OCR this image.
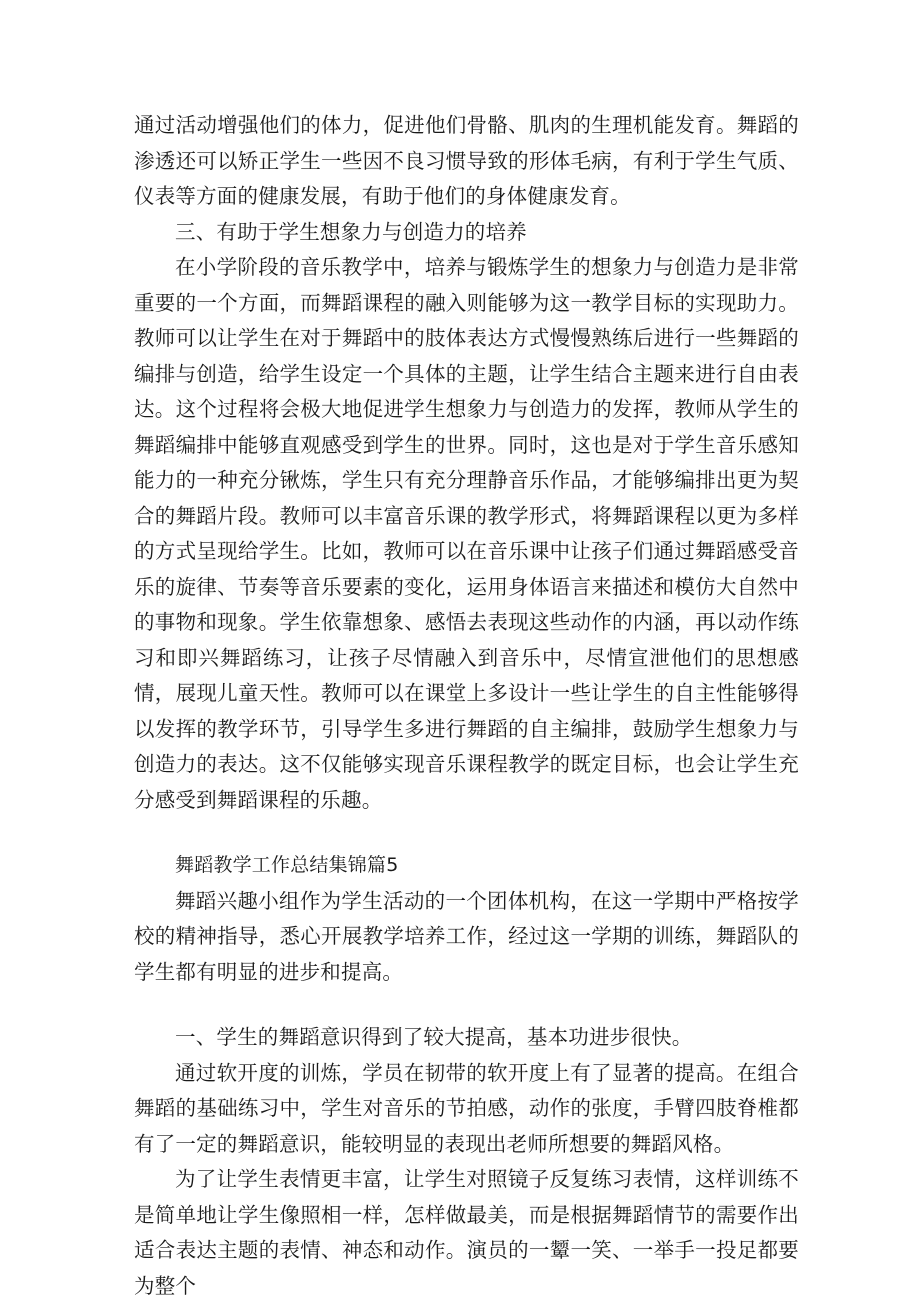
通过活动增强他们的体力，促进他们骨骼、肌肉的生理机能发育。舞蹈的渗透还可以矫正学生一些因不良习惯导致的形体毛病，有利于学生气质、仪表等方面的健康发展，有助于他们的身体健康发育。

三、有助于学生想象力与创造力的培养

在小学阶段的音乐教学中，培养与锻炼学生的想象力与创造力是非常重要的一个方面，而舞蹈课程的融入则能够为这一教学目标的实现助力。教师可以让学生在对于舞蹈中的肢体表达方式慢慢熟练后进行一些舞蹈的编排与创造，给学生设定一个具体的主题，让学生结合主题来进行自由表达。这个过程将会极大地促进学生想象力与创造力的发挥，教师从学生的舞蹈编排中能够直观感受到学生的世界。同时，这也是对于学生音乐感知能力的一种充分锹炼，学生只有充分理静音乐作品，才能够编排出更为契合的舞蹈片段。教师可以丰富音乐课的教学形式，将舞蹈课程以更为多样的方式呈现给学生。比如，教师可以在音乐课中让孩子们通过舞蹈感受音乐的旋律、节奏等音乐要素的变化，运用身体语言来描述和模仿大自然中的事物和现象。学生依靠想象、感悟去表现这些动作的内涵，再以动作练习和即兴舞蹈练习，让孩子尽情融入到音乐中，尽情宣泄他们的思想感情，展现儿童天性。教师可以在课堂上多设计一些让学生的自主性能够得以发挥的教学环节，引导学生多进行舞蹈的自主编排，鼓励学生想象力与创造力的表达。这不仅能够实现音乐课程教学的既定目标，也会让学生充分感受到舞蹈课程的乐趣。

舞蹈教学工作总结集锦篇5

舞蹈兴趣小组作为学生活动的一个团体机构，在这一学期中严格按学校的精神指导，悉心开展教学培养工作，经过这一学期的训练，舞蹈队的学生都有明显的进步和提高。

一、学生的舞蹈意识得到了较大提高，基本功进步很快。

通过软开度的训炼，学员在韧带的软开度上有了显著的提高。在组合舞蹈的基础练习中，学生对音乐的节拍感，动作的张度，手臂四肢脊椎都有了一定的舞蹈意识，能较明显的表现出老师所想要的舞蹈风格。

为了让学生表情更丰富，让学生对照镜子反复练习表情，这样训练不是简单地让学生像照相一样，怎样做最美，而是根据舞蹈情节的需要作出适合表达主题的表情、神态和动作。演员的一颦一笑、一举手一投足都要为整个
